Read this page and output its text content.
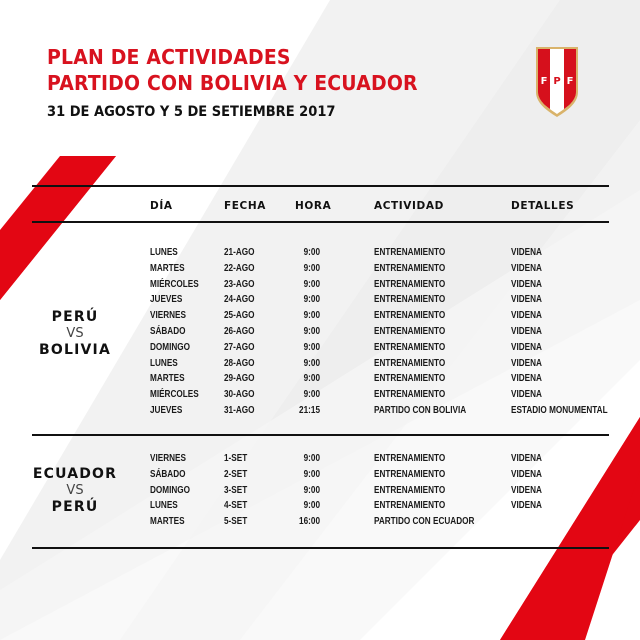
PLAN DE ACTIVIDADES
PARTIDO CON BOLIVIA Y ECUADOR
31 DE AGOSTO Y 5 DE SETIEMBRE 2017
F P F
DÍA	FECHA	HORA	ACTIVIDAD	DETALLES
PERÚ
VS
BOLIVIA
ECUADOR
VS
PERÚ
LUNES	21-AGO	9:00	ENTRENAMIENTO	VIDENA
MARTES	22-AGO	9:00	ENTRENAMIENTO	VIDENA
MIÉRCOLES 23-AGO	9:00	ENTRENAMIENTO	VIDENA
JUEVES	24-AGO	9:00	ENTRENAMIENTO	VIDENA
VIERNES	25-AGO	9:00	ENTRENAMIENTO	VIDENA
SÁBADO	26-AGO	9:00	ENTRENAMIENTO	VIDENA
DOMINGO	27-AGO	9:00	ENTRENAMIENTO	VIDENA
LUNES	28-AGO	9:00	ENTRENAMIENTO	VIDENA
MARTES	29-AGO	9:00	ENTRENAMIENTO	VIDENA
MIÉRCOLES 30-AGO	9:00	ENTRENAMIENTO	VIDENA
JUEVES	31-AGO	21:15	PARTIDO CON BOLIVIA	ESTADIO MONUMENTAL
VIERNES	1-SET	9:00	ENTRENAMIENTO	VIDENA
SÁBADO	2-SET	9:00	ENTRENAMIENTO	VIDENA
DOMINGO	3-SET	9:00	ENTRENAMIENTO	VIDENA
LUNES	4-SET	9:00	ENTRENAMIENTO	VIDENA
MARTES	5-SET	16:00	PARTIDO CON ECUADOR
